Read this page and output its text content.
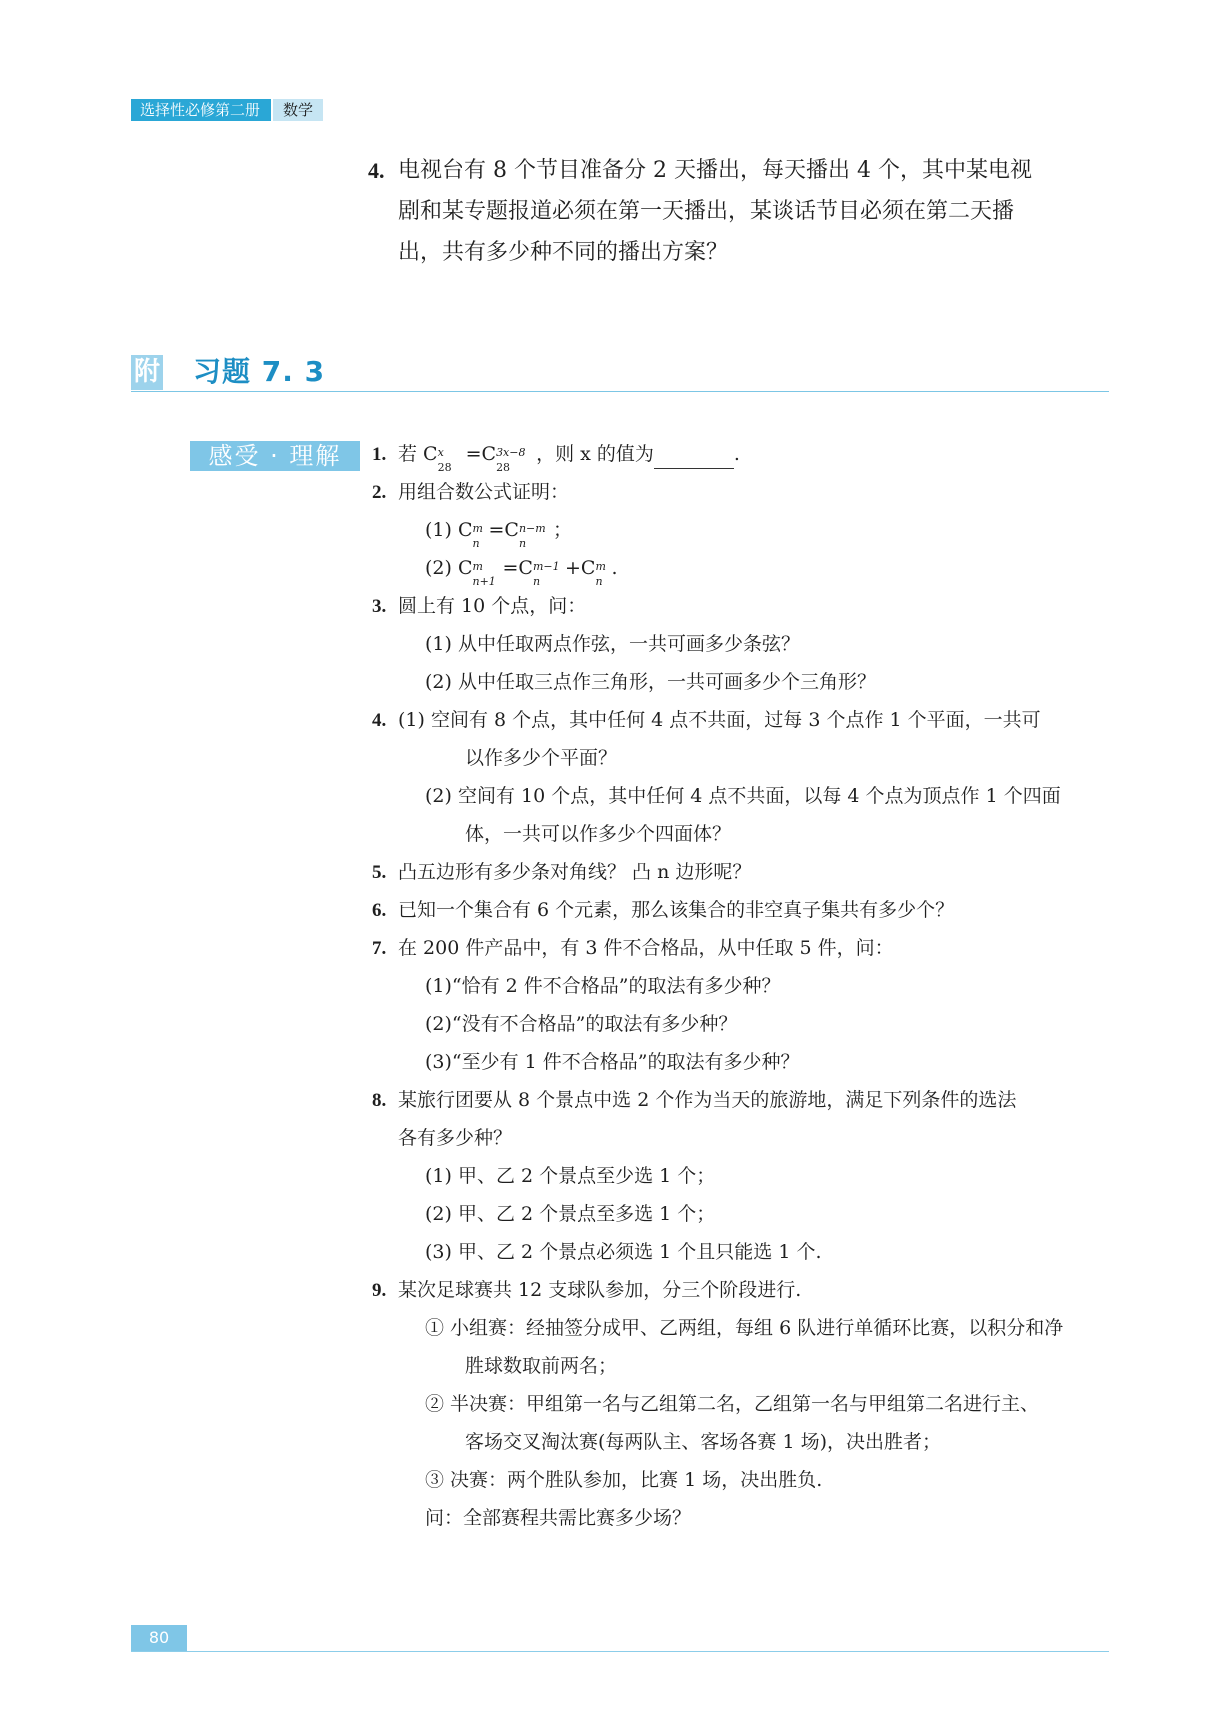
选择性必修第二册	数学
4. 电视台有 8 个节目准备分 2 天播出，每天播出 4 个，其中某电视
剧和某专题报道必须在第一天播出，某谈话节目必须在第二天播
出，共有多少种不同的播出方案？
附 习题 7. 3
感受 · 理解	1. 若 C x
28
=C 3x−8
28
，则 x 的值为	.
2. 用组合数公式证明：
(1) C m
n
=C n−m
n
；
(2) C m
n+1
=C m−1
n
+C m
n
.
3. 圆上有 10 个点，问：
(1) 从中任取两点作弦，一共可画多少条弦？
(2) 从中任取三点作三角形，一共可画多少个三角形？
4. (1) 空间有 8 个点，其中任何 4 点不共面，过每 3 个点作 1 个平面，一共可
以作多少个平面？
(2) 空间有 10 个点，其中任何 4 点不共面，以每 4 个点为顶点作 1 个四面
体，一共可以作多少个四面体？
5. 凸五边形有多少条对角线？ 凸 n 边形呢？
6. 已知一个集合有 6 个元素，那么该集合的非空真子集共有多少个？
7. 在 200 件产品中，有 3 件不合格品，从中任取 5 件，问：
(1)“恰有 2 件不合格品”的取法有多少种？
(2)“没有不合格品”的取法有多少种？
(3)“至少有 1 件不合格品”的取法有多少种？
8. 某旅行团要从 8 个景点中选 2 个作为当天的旅游地，满足下列条件的选法
各有多少种？
(1) 甲、乙 2 个景点至少选 1 个；
(2) 甲、乙 2 个景点至多选 1 个；
(3) 甲、乙 2 个景点必须选 1 个且只能选 1 个.
9. 某次足球赛共 12 支球队参加，分三个阶段进行.
① 小组赛：经抽签分成甲、乙两组，每组 6 队进行单循环比赛，以积分和净
胜球数取前两名；
② 半决赛：甲组第一名与乙组第二名，乙组第一名与甲组第二名进行主、
客场交叉淘汰赛(每两队主、客场各赛 1 场)，决出胜者；
③ 决赛：两个胜队参加，比赛 1 场，决出胜负.
问：全部赛程共需比赛多少场？
80
